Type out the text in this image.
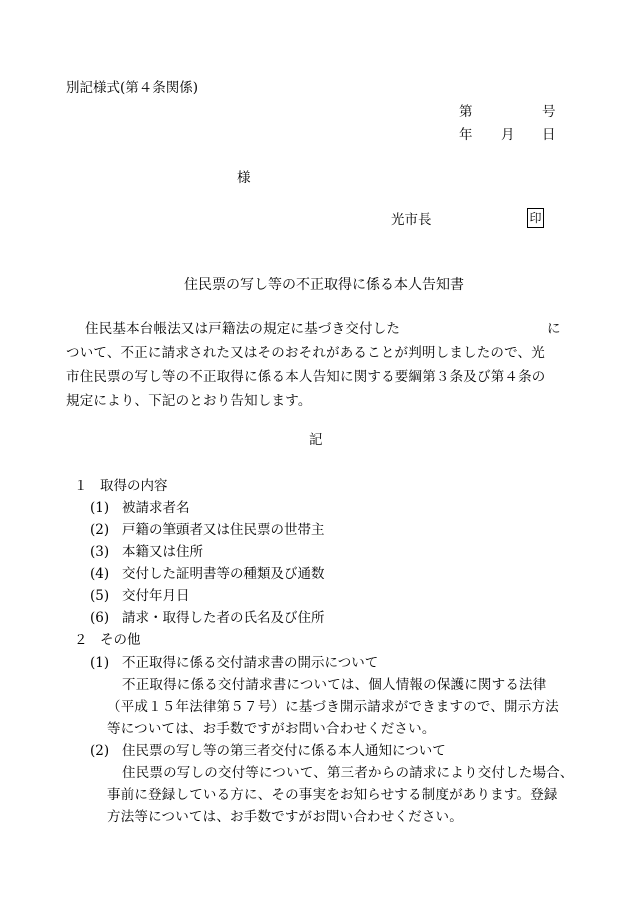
別記様式(第４条関係)
第	号
年 月 日
様
光市長	印
住民票の写し等の不正取得に係る本人告知書
住民基本台帳法又は戸籍法の規定に基づき交付した	に
ついて、不正に請求された又はそのおそれがあることが判明しましたので、光
市住民票の写し等の不正取得に係る本人告知に関する要綱第３条及び第４条の
規定により、下記のとおり告知します。
記
１ 取得の内容
(1) 被請求者名
(2) 戸籍の筆頭者又は住民票の世帯主
(3) 本籍又は住所
(4) 交付した証明書等の種類及び通数
(5) 交付年月日
(6) 請求・取得した者の氏名及び住所
２ その他
(1) 不正取得に係る交付請求書の開示について
不正取得に係る交付請求書については、個人情報の保護に関する法律
（平成１５年法律第５７号）に基づき開示請求ができますので、開示方法
等については、お手数ですがお問い合わせください。
(2) 住民票の写し等の第三者交付に係る本人通知について
住民票の写しの交付等について、第三者からの請求により交付した場合、
事前に登録している方に、その事実をお知らせする制度があります。登録
方法等については、お手数ですがお問い合わせください。
